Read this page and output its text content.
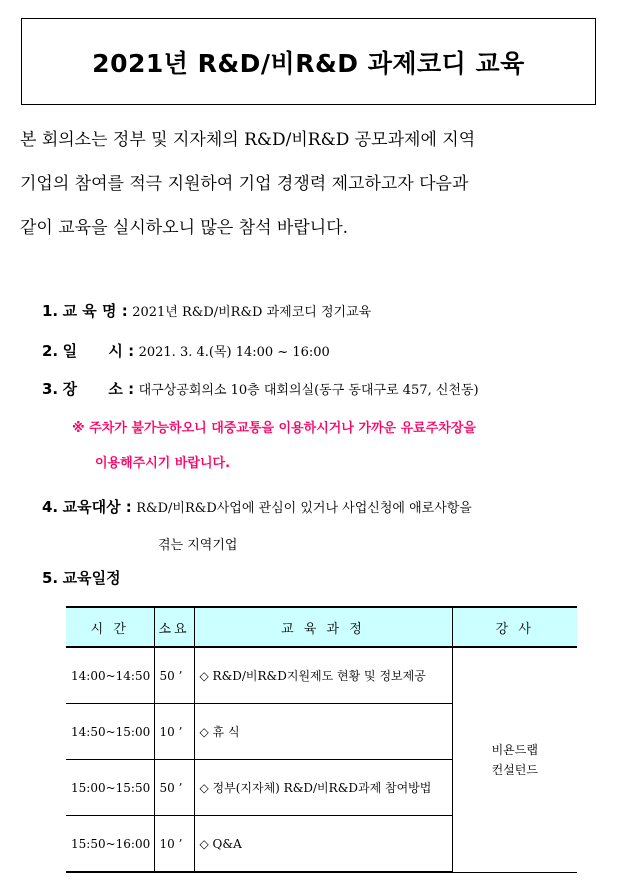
2021년 R&D/비R&D 과제코디 교육

본 회의소는 정부 및 지자체의 R&D/비R&D 공모과제에 지역

기업의 참여를 적극 지원하여 기업 경쟁력 제고하고자 다음과

같이 교육을 실시하오니 많은 참석 바랍니다.

1. 교 육 명 : 2021년 R&D/비R&D 과제코디 정기교육
2. 일      시 : 2021. 3. 4.(목) 14:00 ~ 16:00
3. 장      소 : 대구상공회의소 10층 대회의실(동구 동대구로 457, 신천동)
※ 주차가 불가능하오니 대중교통을 이용하시거나 가까운 유료주차장을
이용해주시기 바랍니다.
4. 교육대상 : R&D/비R&D사업에 관심이 있거나 사업신청에 애로사항을
겪는 지역기업
5. 교육일정
시 간	소요	교 육 과 정	강 사
14:00~14:50	50 ’	◇ R&D/비R&D지원제도 현황 및 정보제공	비욘드랩
컨설턴드

14:50~15:00	10 ’	◇ 휴 식	
15:00~15:50	50 ’	◇ 정부(지자체) R&D/비R&D과제 참여방법	
15:50~16:00	10 ’	◇ Q&A	
